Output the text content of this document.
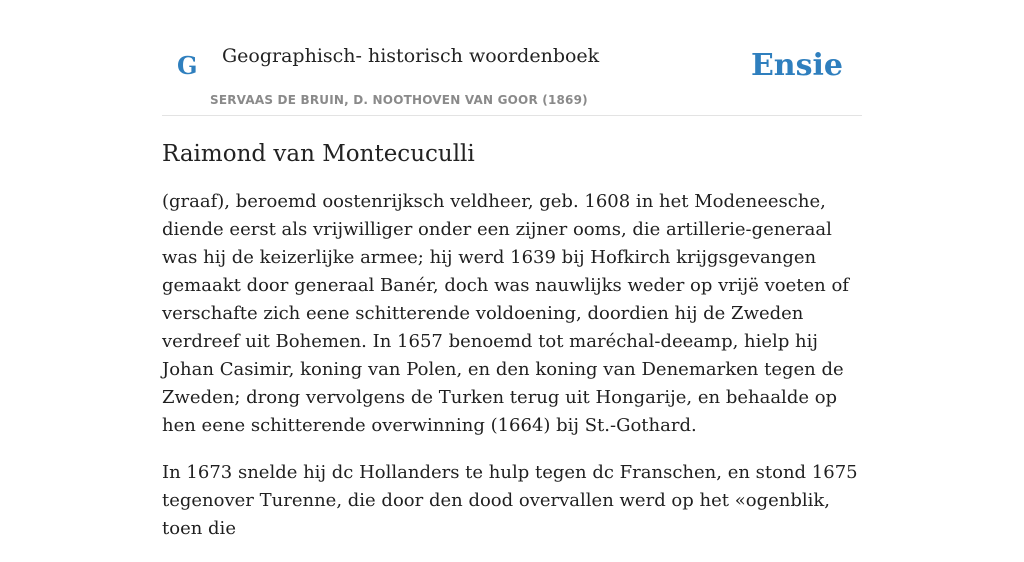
G Geographisch- historisch woordenboek
SERVAAS DE BRUIN, D. NOOTHOVEN VAN GOOR (1869)
Ensie
Raimond van Montecuculli

(graaf), beroemd oostenrijksch veldheer, geb. 1608 in het Modeneesche, diende eerst als vrijwilliger onder een zijner ooms, die artillerie-generaal was hij de keizerlijke armee; hij werd 1639 bij Hofkirch krijgsgevangen gemaakt door generaal Banér, doch was nauwlijks weder op vrijë voeten of verschafte zich eene schitterende voldoening, doordien hij de Zweden verdreef uit Bohemen. In 1657 benoemd tot maréchal-deeamp, hielp hij Johan Casimir, koning van Polen, en den koning van Denemarken tegen de Zweden; drong vervolgens de Turken terug uit Hongarije, en behaalde op hen eene schitterende overwinning (1664) bij St.-Gothard.

In 1673 snelde hij dc Hollanders te hulp tegen dc Franschen, en stond 1675 tegenover Turenne, die door den dood overvallen werd op het «ogenblik, toen die
